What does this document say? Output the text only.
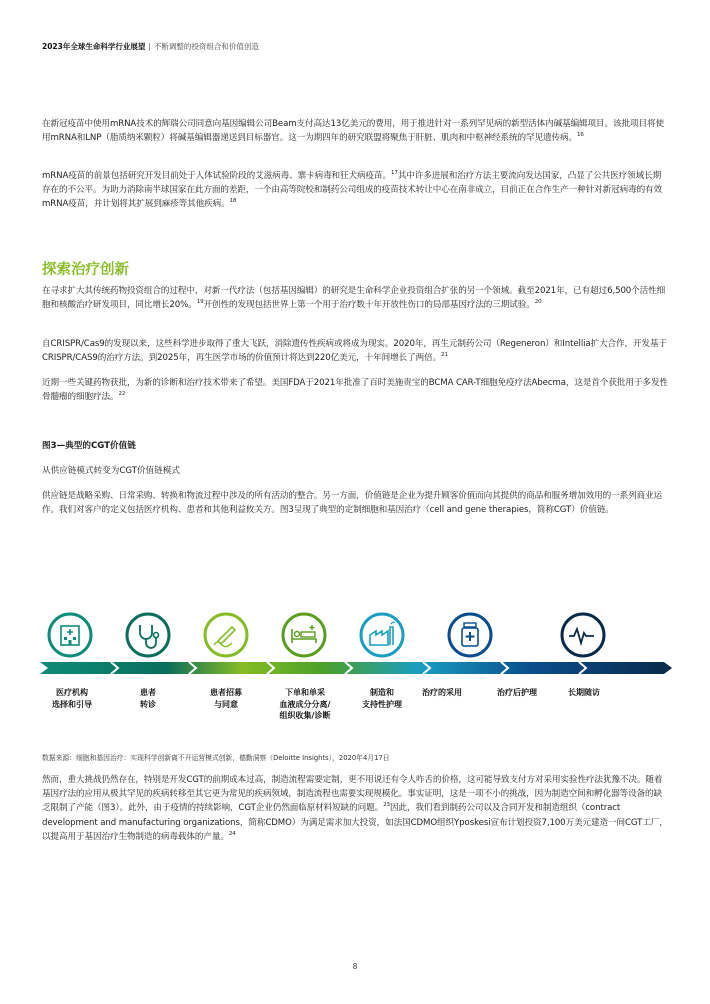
2023年全球生命科学行业展望 | 不断调整的投资组合和价值创造
在新冠疫苗中使用mRNA技术的辉瑞公司同意向基因编辑公司Beam支付高达13亿美元的费用，用于推进针对一系列罕见病的新型活体内碱基编辑项目。该批项目将使用mRNA和LNP（脂质纳米颗粒）将碱基编辑器递送到目标器官。这一为期四年的研究联盟将聚焦于肝脏、肌肉和中枢神经系统的罕见遗传病。$^{16}$
mRNA疫苗的前景包括研究开发目前处于人体试验阶段的艾滋病毒、寨卡病毒和狂犬病疫苗。$^{17}$其中许多进展和治疗方法主要流向发达国家，凸显了公共医疗领域长期存在的不公平。为助力消除南半球国家在此方面的差距，一个由高等院校和制药公司组成的疫苗技术转让中心在南非成立，目前正在合作生产一种针对新冠病毒的有效mRNA疫苗，并计划将其扩展到麻疹等其他疾病。$^{18}$
探索治疗创新
在寻求扩大其传统药物投资组合的过程中，对新一代疗法（包括基因编辑）的研究是生命科学企业投资组合扩张的另一个领域。截至2021年，已有超过6,500个活性细胞和核酸治疗研发项目，同比增长20%。$^{19}$开创性的发现包括世界上第一个用于治疗数十年开放性伤口的局部基因疗法的三期试验。$^{20}$
自CRISPR/Cas9的发现以来，这些科学进步取得了重大飞跃，消除遗传性疾病或将成为现实。2020年，再生元制药公司（Regeneron）和Intellia扩大合作，开发基于CRISPR/CAS9的治疗方法。到2025年，再生医学市场的价值预计将达到220亿美元，十年间增长了两倍。$^{21}$
近期一些关键药物获批，为新的诊断和治疗技术带来了希望。美国FDA于2021年批准了百时美施贵宝的BCMA CAR-T细胞免疫疗法Abecma，这是首个获批用于多发性骨髓瘤的细胞疗法。$^{22}$
图3—典型的CGT价值链
从供应链模式转变为CGT价值链模式
供应链是战略采购、日常采购、转换和物流过程中涉及的所有活动的整合。另一方面，价值链是企业为提升顾客价值而向其提供的商品和服务增加效用的一系列商业运作。我们对客户的定义包括医疗机构、患者和其他利益攸关方。图3呈现了典型的定制细胞和基因治疗（cell and gene therapies，简称CGT）价值链。
医疗机构
选择和引导
患者
转诊
患者招募
与同意
下单和单采
血液成分分离/
组织收集/诊断
制造和
支持性护理
治疗的采用	治疗后护理	长期随访
数据来源：细胞和基因治疗：实现科学创新离不开运营模式创新，德勤洞察（Deloitte Insights），2020年4月17日
然而，重大挑战仍然存在，特别是开发CGT的前期成本过高，制造流程需要定制，更不用说还有令人咋舌的价格，这可能导致支付方对采用实验性疗法犹豫不决。随着基因疗法的应用从极其罕见的疾病转移至其它更为常见的疾病领域，制造流程也需要实现规模化。事实证明，这是一项不小的挑战，因为制造空间和孵化器等设备的缺乏限制了产能（图3）。此外，由于疫情的持续影响，CGT企业仍然面临原材料短缺的问题。$^{23}$因此，我们看到制药公司以及合同开发和制造组织（contract development and manufacturing organizations，简称CDMO）为满足需求加大投资，如法国CDMO组织Yposkesi宣布计划投资7,100万美元建造一间CGT工厂，以提高用于基因治疗生物制造的病毒载体的产量。$^{24}$
8
